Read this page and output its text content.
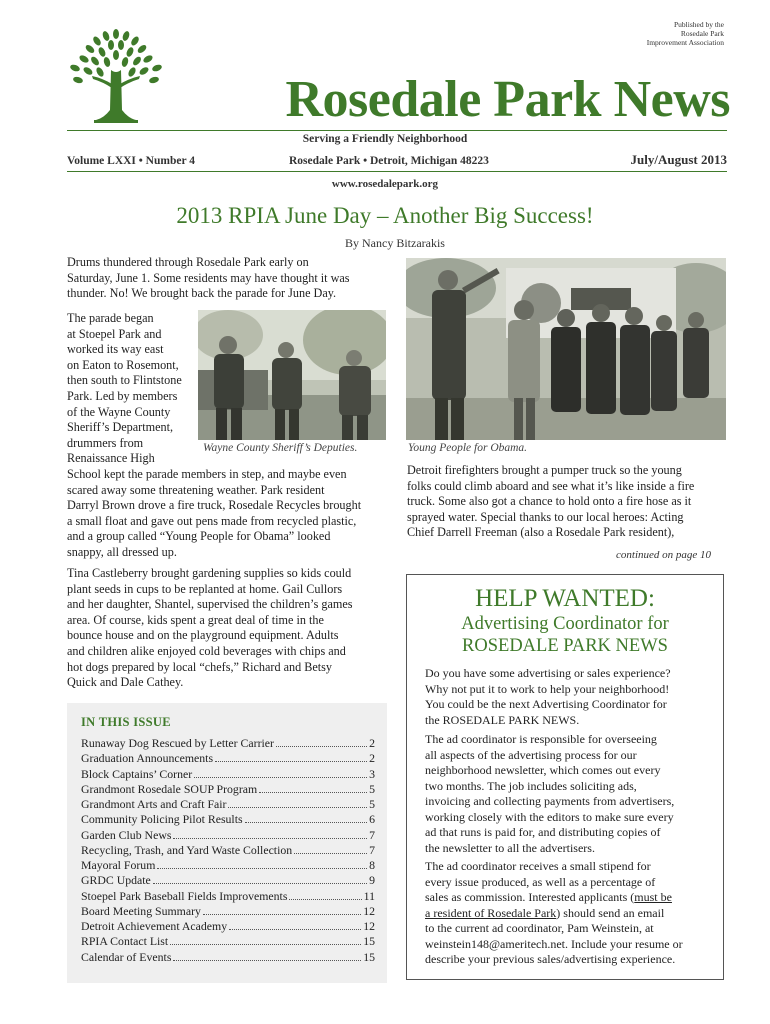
Published by the
Rosedale Park
Improvement Association
Rosedale Park News
Serving a Friendly Neighborhood
Volume LXXI • Number 4	Rosedale Park • Detroit, Michigan 48223	July/August 2013
www.rosedalepark.org
2013 RPIA June Day – Another Big Success!
By Nancy Bitzarakis
Drums thundered through Rosedale Park early on
Saturday, June 1. Some residents may have thought it was
thunder. No! We brought back the parade for June Day.
The parade began
at Stoepel Park and
worked its way east
on Eaton to Rosemont,
then south to Flintstone
Park. Led by members
of the Wayne County
Sheriff’s Department,
drummers from
Renaissance High
Wayne County Sheriff’s Deputies.	Young People for Obama.
School kept the parade members in step, and maybe even
scared away some threatening weather. Park resident
Darryl Brown drove a fire truck, Rosedale Recycles brought
a small float and gave out pens made from recycled plastic,
and a group called “Young People for Obama” looked
snappy, all dressed up.
Tina Castleberry brought gardening supplies so kids could
plant seeds in cups to be replanted at home. Gail Cullors
and her daughter, Shantel, supervised the children’s games
area. Of course, kids spent a great deal of time in the
bounce house and on the playground equipment. Adults
and children alike enjoyed cold beverages with chips and
hot dogs prepared by local “chefs,” Richard and Betsy
Quick and Dale Cathey.
Detroit firefighters brought a pumper truck so the young
folks could climb aboard and see what it’s like inside a fire
truck. Some also got a chance to hold onto a fire hose as it
sprayed water. Special thanks to our local heroes: Acting
Chief Darrell Freeman (also a Rosedale Park resident),
continued on page 10
IN THIS ISSUE
Runaway Dog Rescued by Letter Carrier	2
Graduation Announcements	2
Block Captains’ Corner	3
Grandmont Rosedale SOUP Program	5
Grandmont Arts and Craft Fair	5
Community Policing Pilot Results	6
Garden Club News	7
Recycling, Trash, and Yard Waste Collection	7
Mayoral Forum	8
GRDC Update	9
Stoepel Park Baseball Fields Improvements	11
Board Meeting Summary	12
Detroit Achievement Academy	12
RPIA Contact List	15
Calendar of Events	15
HELP WANTED:
Advertising Coordinator for
ROSEDALE PARK NEWS
Do you have some advertising or sales experience?
Why not put it to work to help your neighborhood!
You could be the next Advertising Coordinator for
the ROSEDALE PARK NEWS.
The ad coordinator is responsible for overseeing
all aspects of the advertising process for our
neighborhood newsletter, which comes out every
two months. The job includes soliciting ads,
invoicing and collecting payments from advertisers,
working closely with the editors to make sure every
ad that runs is paid for, and distributing copies of
the newsletter to all the advertisers.
The ad coordinator receives a small stipend for
every issue produced, as well as a percentage of
sales as commission. Interested applicants (must be
a resident of Rosedale Park) should send an email
to the current ad coordinator, Pam Weinstein, at
weinstein148@ameritech.net. Include your resume or
describe your previous sales/advertising experience.
